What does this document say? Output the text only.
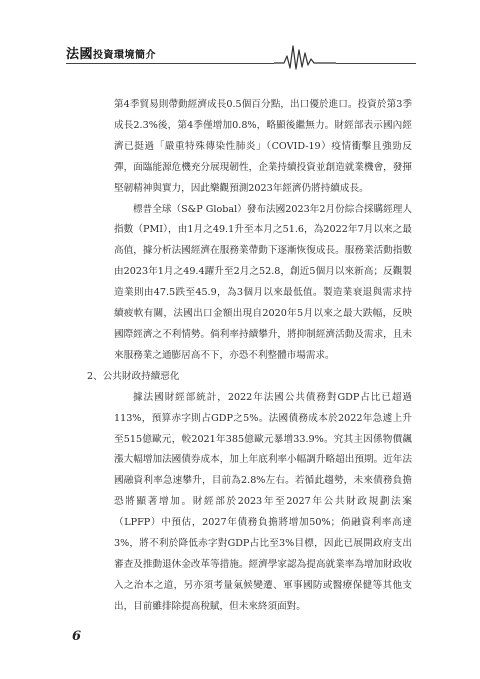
法國投資環境簡介

第4季貿易則帶動經濟成長0.5個百分點，出口優於進口。投資於第3季成長2.3%後，第4季僅增加0.8%，略顯後繼無力。財經部表示國內經濟已挺過「嚴重特殊傳染性肺炎」（COVID-19）疫情衝擊且強勁反彈，面臨能源危機充分展現韌性，企業持續投資並創造就業機會，發揮堅韌精神與實力，因此樂觀預測2023年經濟仍將持續成長。

標普全球（S&P Global）發布法國2023年2月份綜合採購經理人指數（PMI），由1月之49.1升至本月之51.6，為2022年7月以來之最高值，據分析法國經濟在服務業帶動下逐漸恢復成長。服務業活動指數由2023年1月之49.4躍升至2月之52.8，創近5個月以來新高；反觀製造業則由47.5跌至45.9，為3個月以來最低值。製造業衰退與需求持續疲軟有關，法國出口金額出現自2020年5月以來之最大跌幅，反映國際經濟之不利情勢。倘利率持續攀升，將抑制經濟活動及需求，且未來服務業之通膨居高不下，亦恐不利整體市場需求。

2、公共財政持續惡化

據法國財經部統計，2022年法國公共債務對GDP占比已超過113%，預算赤字則占GDP之5%。法國債務成本於2022年急遽上升至515億歐元，較2021年385億歐元暴增33.9%。究其主因係物價飆漲大幅增加法國債券成本，加上年底利率小幅調升略超出預期。近年法國融資利率急速攀升，目前為2.8%左右。若循此趨勢，未來債務負擔恐將顯著增加。財經部於2023年至2027年公共財政規劃法案（LPFP）中預估，2027年債務負擔將增加50%；倘融資利率高達3%，將不利於降低赤字對GDP占比至3%目標，因此已展開政府支出審查及推動退休金改革等措施。經濟學家認為提高就業率為增加財政收入之治本之道，另亦須考量氣候變遷、軍事國防或醫療保健等其他支出，目前雖排除提高稅賦，但未來終須面對。

6
